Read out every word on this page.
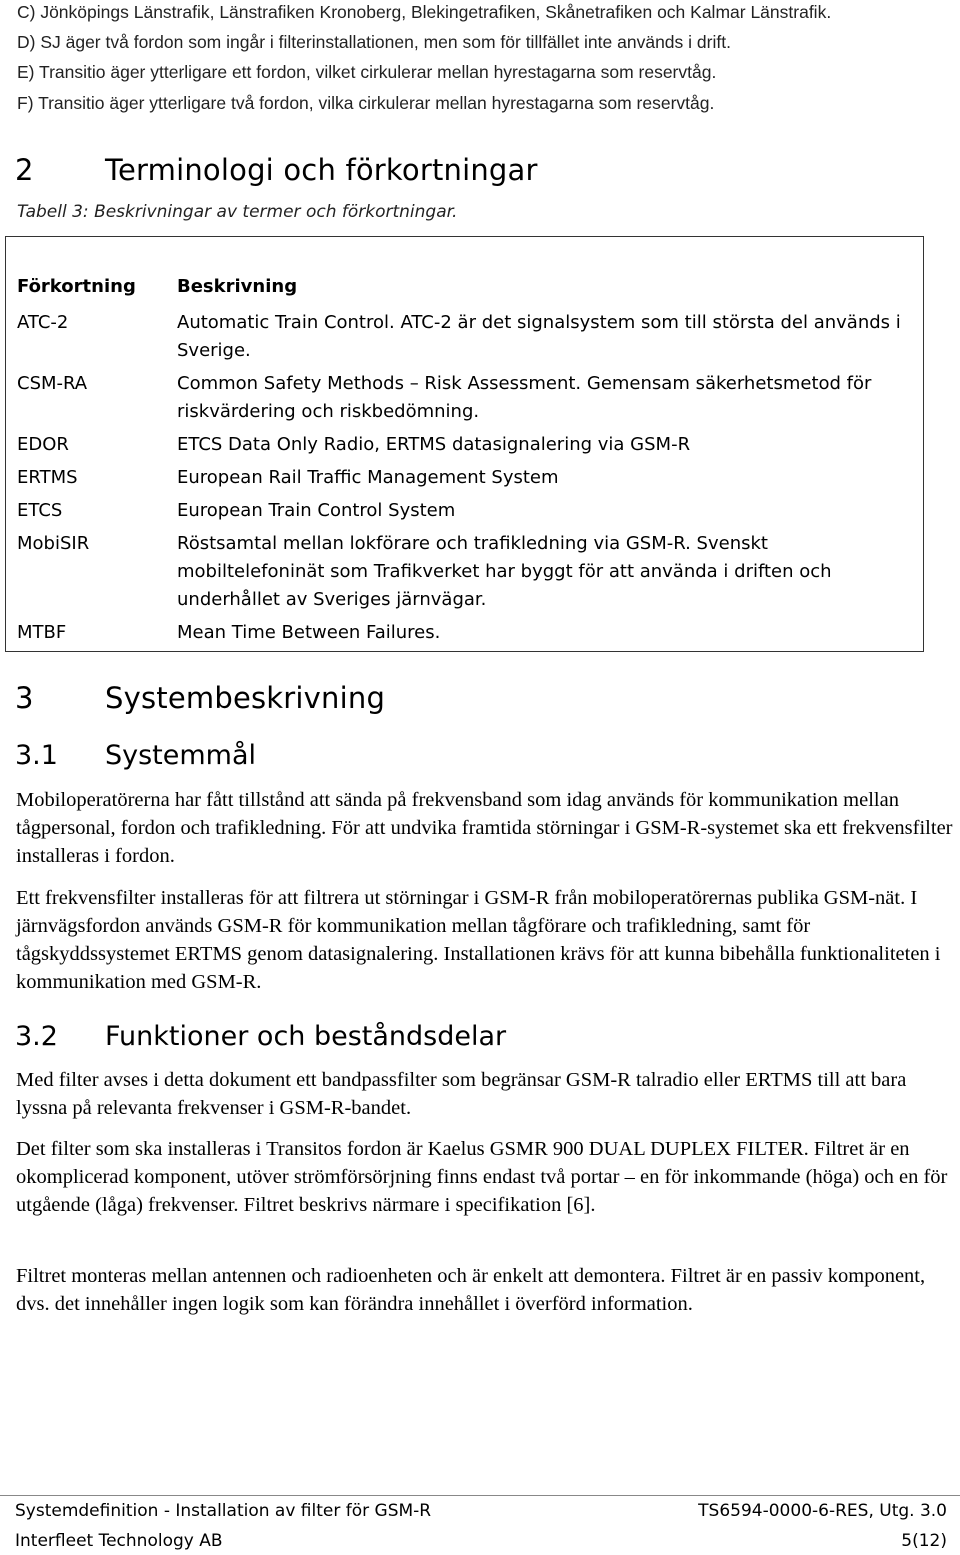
C) Jönköpings Länstrafik, Länstrafiken Kronoberg, Blekingetrafiken, Skånetrafiken och Kalmar Länstrafik.
D) SJ äger två fordon som ingår i filterinstallationen, men som för tillfället inte används i drift.
E) Transitio äger ytterligare ett fordon, vilket cirkulerar mellan hyrestagarna som reservtåg.
F) Transitio äger ytterligare två fordon, vilka cirkulerar mellan hyrestagarna som reservtåg.
2 Terminologi och förkortningar
Tabell 3: Beskrivningar av termer och förkortningar.
Förkortning	Beskrivning
ATC-2	Automatic Train Control. ATC-2 är det signalsystem som till största del används i Sverige.
CSM-RA	Common Safety Methods – Risk Assessment. Gemensam säkerhetsmetod för riskvärdering och riskbedömning.
EDOR	ETCS Data Only Radio, ERTMS datasignalering via GSM-R
ERTMS	European Rail Traffic Management System
ETCS	European Train Control System
MobiSIR	Röstsamtal mellan lokförare och trafikledning via GSM-R. Svenskt mobiltelefoninät som Trafikverket har byggt för att använda i driften och underhållet av Sveriges järnvägar.
MTBF	Mean Time Between Failures.
3 Systembeskrivning
3.1 Systemmål
Mobiloperatörerna har fått tillstånd att sända på frekvensband som idag används för kommunikation mellan tågpersonal, fordon och trafikledning. För att undvika framtida störningar i GSM-R-systemet ska ett frekvensfilter installeras i fordon.
Ett frekvensfilter installeras för att filtrera ut störningar i GSM-R från mobiloperatörernas publika GSM-nät. I järnvägsfordon används GSM-R för kommunikation mellan tågförare och trafikledning, samt för tågskyddssystemet ERTMS genom datasignalering. Installationen krävs för att kunna bibehålla funktionaliteten i kommunikation med GSM-R.
3.2 Funktioner och beståndsdelar
Med filter avses i detta dokument ett bandpassfilter som begränsar GSM-R talradio eller ERTMS till att bara lyssna på relevanta frekvenser i GSM-R-bandet.
Det filter som ska installeras i Transitos fordon är Kaelus GSMR 900 DUAL DUPLEX FILTER. Filtret är en okomplicerad komponent, utöver strömförsörjning finns endast två portar – en för inkommande (höga) och en för utgående (låga) frekvenser. Filtret beskrivs närmare i specifikation [6].
Filtret monteras mellan antennen och radioenheten och är enkelt att demontera. Filtret är en passiv komponent, dvs. det innehåller ingen logik som kan förändra innehållet i överförd information.
Systemdefinition - Installation av filter för GSM-R	TS6594-0000-6-RES, Utg. 3.0
Interfleet Technology AB	5(12)
